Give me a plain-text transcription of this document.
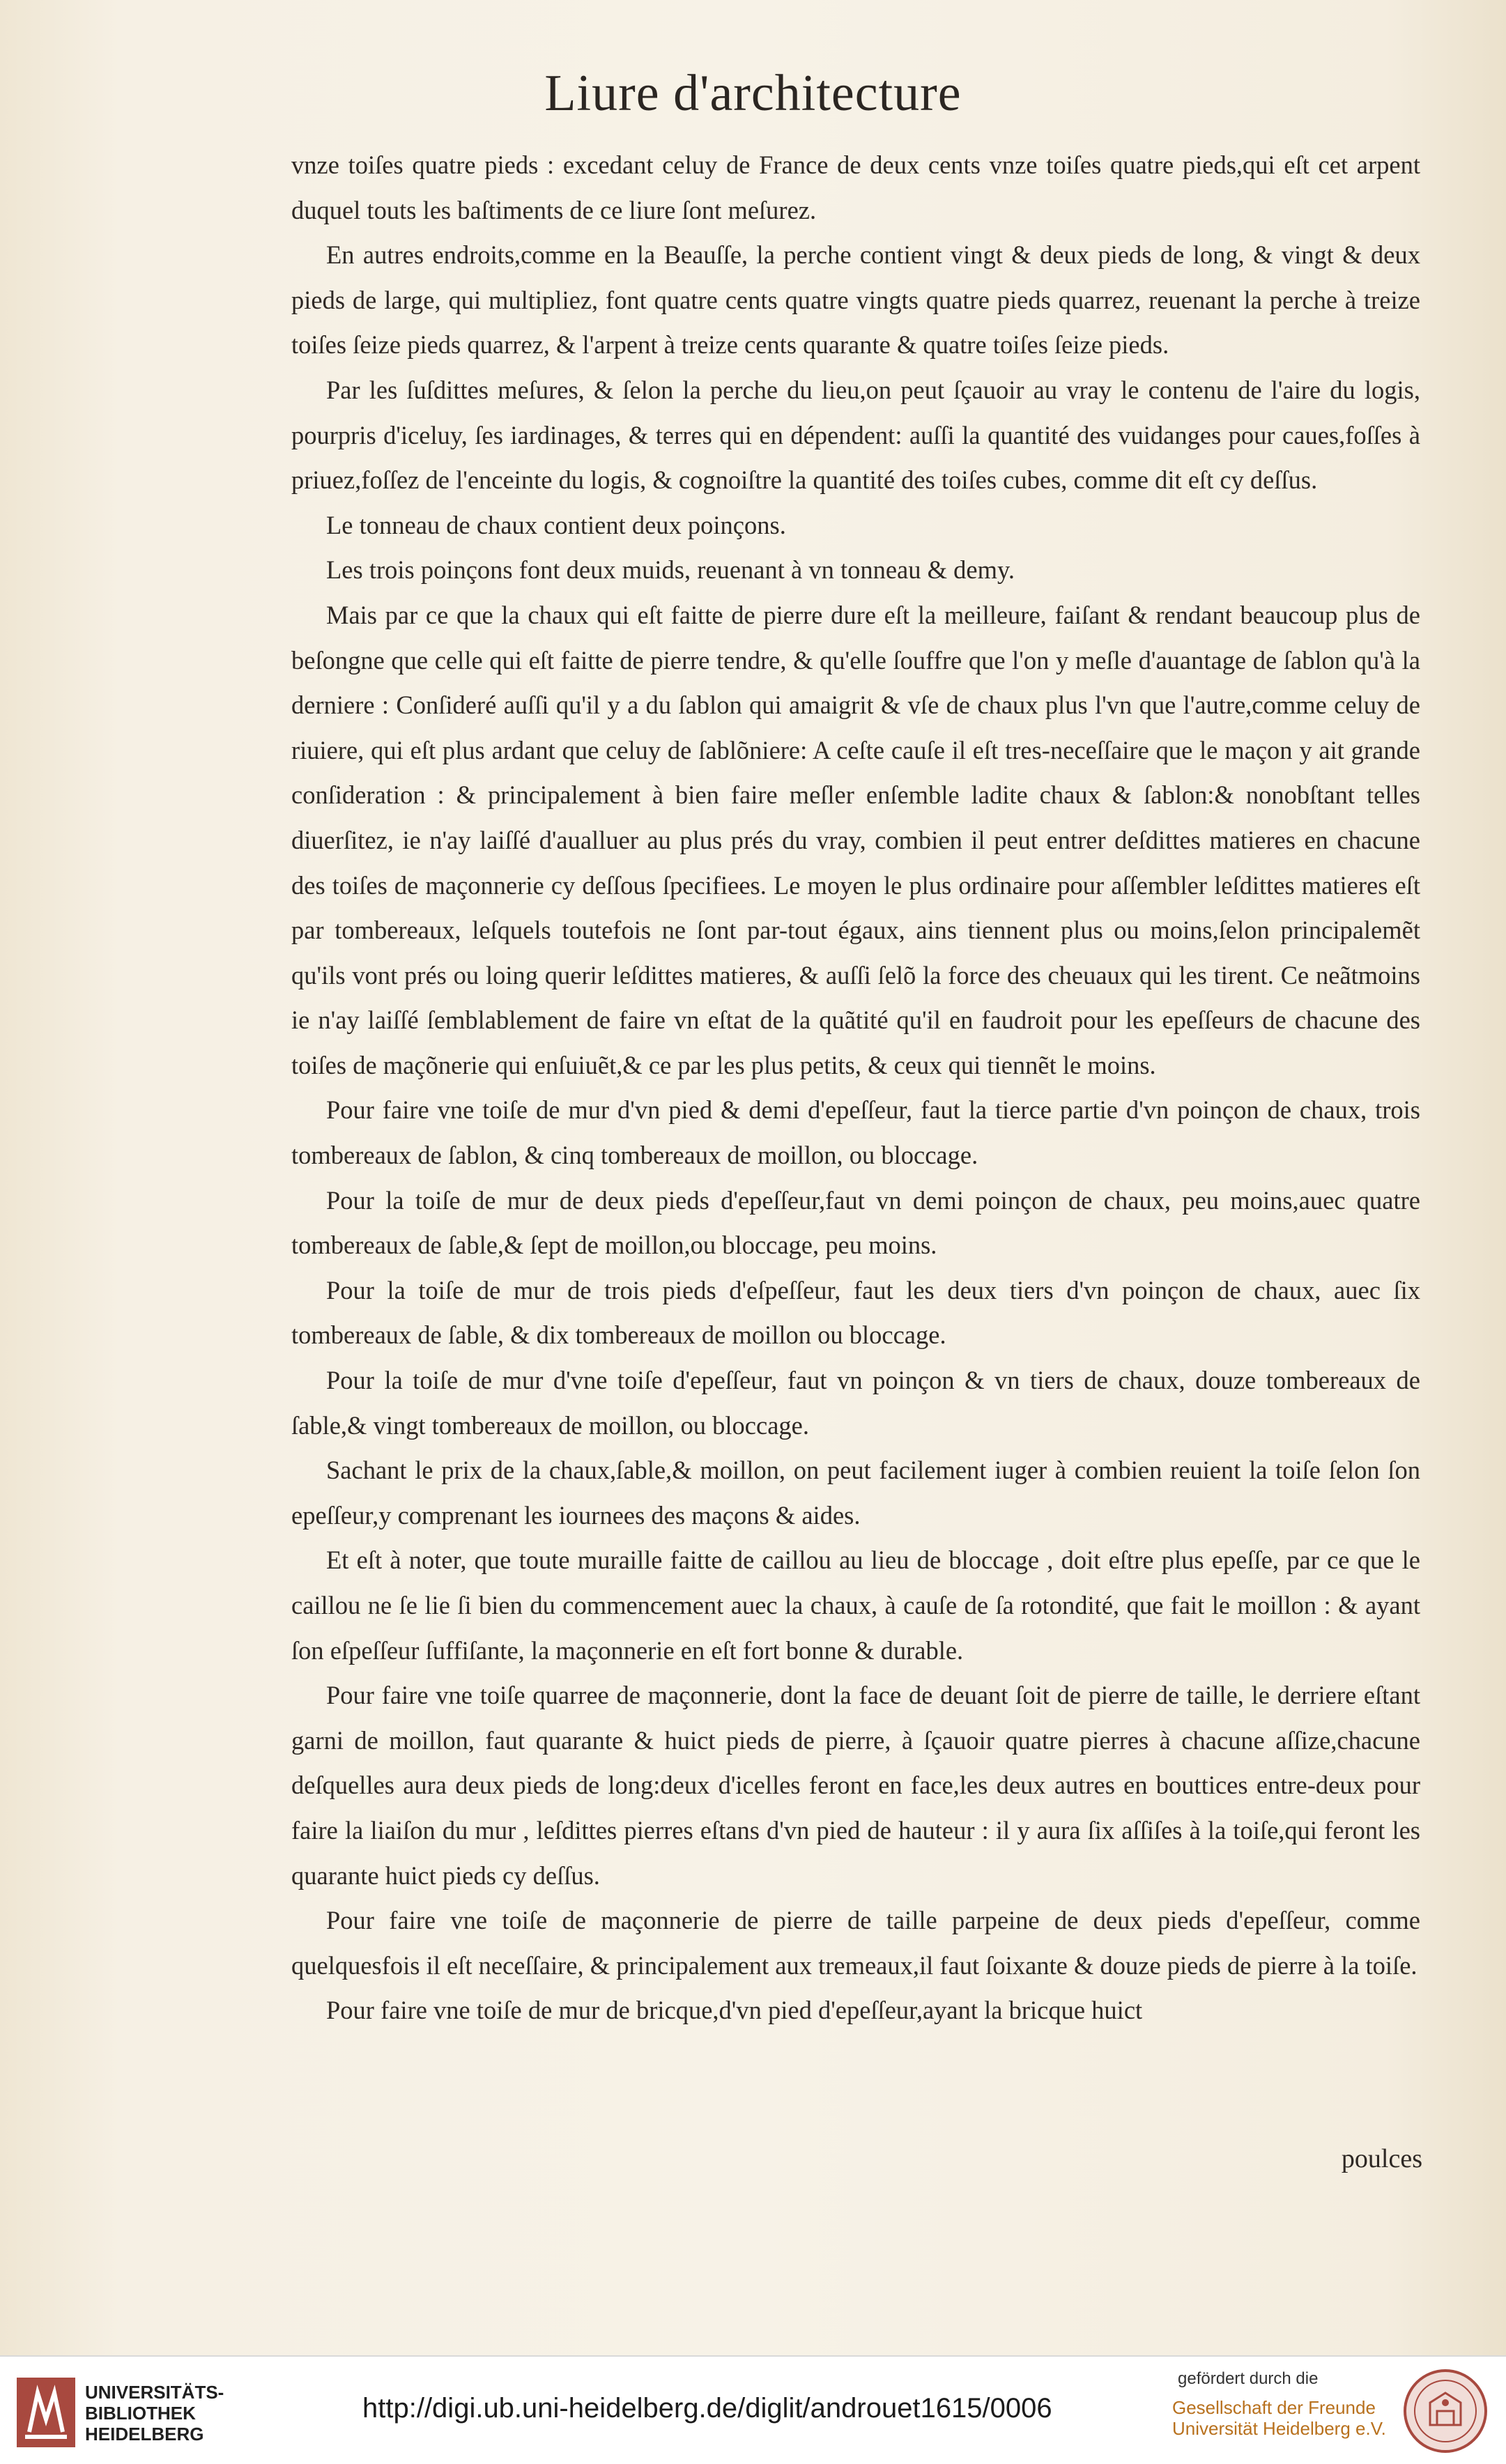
Liure d'architecture

vnze toiſes quatre pieds : excedant celuy de France de deux cents vnze toiſes quatre pieds,qui eſt cet arpent duquel touts les baſtiments de ce liure ſont meſurez.

En autres endroits,comme en la Beauſſe, la perche contient vingt & deux pieds de long, & vingt & deux pieds de large, qui multipliez, font quatre cents quatre vingts quatre pieds quarrez, reuenant la perche à treize toiſes ſeize pieds quarrez, & l'arpent à treize cents quarante & quatre toiſes ſeize pieds.

Par les ſuſdittes meſures, & ſelon la perche du lieu,on peut ſçauoir au vray le contenu de l'aire du logis, pourpris d'iceluy, ſes iardinages, & terres qui en dépendent: auſſi la quantité des vuidanges pour caues,foſſes à priuez,foſſez de l'enceinte du logis, & cognoiſtre la quantité des toiſes cubes, comme dit eſt cy deſſus.

Le tonneau de chaux contient deux poinçons.

Les trois poinçons font deux muids, reuenant à vn tonneau & demy.

Mais par ce que la chaux qui eſt faitte de pierre dure eſt la meilleure, faiſant & rendant beaucoup plus de beſongne que celle qui eſt faitte de pierre tendre, & qu'elle ſouffre que l'on y meſle d'auantage de ſablon qu'à la derniere : Conſideré auſſi qu'il y a du ſablon qui amaigrit & vſe de chaux plus l'vn que l'autre,comme celuy de riuiere, qui eſt plus ardant que celuy de ſablõniere: A ceſte cauſe il eſt tres-neceſſaire que le maçon y ait grande conſideration : & principalement à bien faire meſler enſemble ladite chaux & ſablon:& nonobſtant telles diuerſitez, ie n'ay laiſſé d'aualluer au plus prés du vray, combien il peut entrer deſdittes matieres en chacune des toiſes de maçonnerie cy deſſous ſpecifiees. Le moyen le plus ordinaire pour aſſembler leſdittes matieres eſt par tombereaux, leſquels toutefois ne ſont par-tout égaux, ains tiennent plus ou moins,ſelon principalemẽt qu'ils vont prés ou loing querir leſdittes matieres, & auſſi ſelõ la force des cheuaux qui les tirent. Ce neãtmoins ie n'ay laiſſé ſemblablement de faire vn eſtat de la quãtité qu'il en faudroit pour les epeſſeurs de chacune des toiſes de maçõnerie qui enſuiuẽt,& ce par les plus petits, & ceux qui tiennẽt le moins.

Pour faire vne toiſe de mur d'vn pied & demi d'epeſſeur, faut la tierce partie d'vn poinçon de chaux, trois tombereaux de ſablon, & cinq tombereaux de moillon, ou bloccage.

Pour la toiſe de mur de deux pieds d'epeſſeur,faut vn demi poinçon de chaux, peu moins,auec quatre tombereaux de ſable,& ſept de moillon,ou bloccage, peu moins.

Pour la toiſe de mur de trois pieds d'eſpeſſeur, faut les deux tiers d'vn poinçon de chaux, auec ſix tombereaux de ſable, & dix tombereaux de moillon ou bloccage.

Pour la toiſe de mur d'vne toiſe d'epeſſeur, faut vn poinçon & vn tiers de chaux, douze tombereaux de ſable,& vingt tombereaux de moillon, ou bloccage.

Sachant le prix de la chaux,ſable,& moillon, on peut facilement iuger à combien reuient la toiſe ſelon ſon epeſſeur,y comprenant les iournees des maçons & aides.

Et eſt à noter, que toute muraille faitte de caillou au lieu de bloccage , doit eſtre plus epeſſe, par ce que le caillou ne ſe lie ſi bien du commencement auec la chaux, à cauſe de ſa rotondité, que fait le moillon : & ayant ſon eſpeſſeur ſuffiſante, la maçonnerie en eſt fort bonne & durable.

Pour faire vne toiſe quarree de maçonnerie, dont la face de deuant ſoit de pierre de taille, le derriere eſtant garni de moillon, faut quarante & huict pieds de pierre, à ſçauoir quatre pierres à chacune aſſize,chacune deſquelles aura deux pieds de long:deux d'icelles feront en face,les deux autres en bouttices entre-deux pour faire la liaiſon du mur , leſdittes pierres eſtans d'vn pied de hauteur : il y aura ſix aſſiſes à la toiſe,qui feront les quarante huict pieds cy deſſus.

Pour faire vne toiſe de maçonnerie de pierre de taille parpeine de deux pieds d'epeſſeur, comme quelquesfois il eſt neceſſaire, & principalement aux tremeaux,il faut ſoixante & douze pieds de pierre à la toiſe.

Pour faire vne toiſe de mur de bricque,d'vn pied d'epeſſeur,ayant la bricque huict

poulces
UNIVERSITÄTS-
BIBLIOTHEK
HEIDELBERG
http://digi.ub.uni-heidelberg.de/diglit/androuet1615/0006
gefördert durch die
Gesellschaft der Freunde
Universität Heidelberg e.V.
